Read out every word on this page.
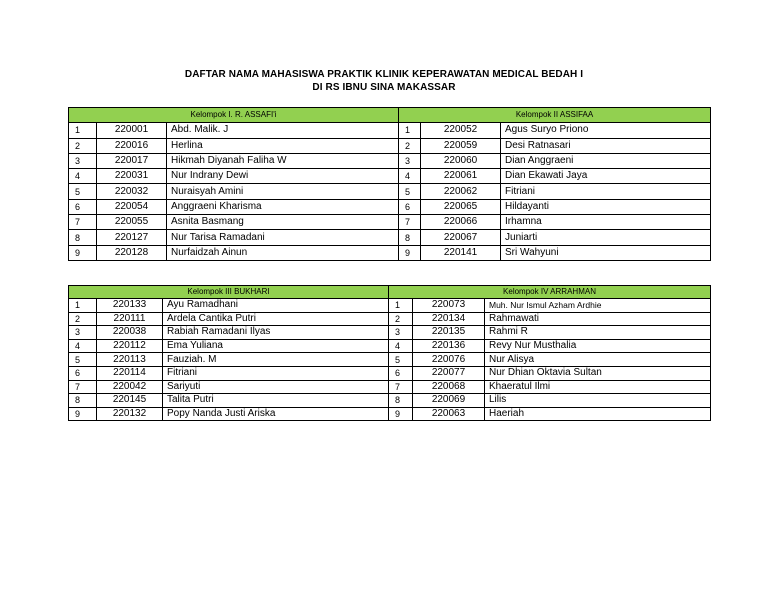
DAFTAR NAMA MAHASISWA PRAKTIK KLINIK KEPERAWATAN MEDICAL BEDAH I
DI RS IBNU SINA MAKASSAR
Kelompok I. R. ASSAFI'i			Kelompok II ASSIFAA		
1	220001	Abd. Malik. J	1	220052	Agus Suryo Priono
2	220016	Herlina	2	220059	Desi Ratnasari
3	220017	Hikmah Diyanah Faliha W	3	220060	Dian Anggraeni
4	220031	Nur Indrany Dewi	4	220061	Dian Ekawati Jaya
5	220032	Nuraisyah Amini	5	220062	Fitriani
6	220054	Anggraeni Kharisma	6	220065	Hildayanti
7	220055	Asnita Basmang	7	220066	Irhamna
8	220127	Nur Tarisa Ramadani	8	220067	Juniarti
9	220128	Nurfaidzah Ainun	9	220141	Sri Wahyuni
Kelompok III BUKHARI			Kelompok IV ARRAHMAN		
1	220133	Ayu Ramadhani	1	220073	Muh. Nur Ismul Azham Ardhie
2	220111	Ardela Cantika Putri	2	220134	Rahmawati
3	220038	Rabiah Ramadani Ilyas	3	220135	Rahmi R
4	220112	Ema Yuliana	4	220136	Revy Nur Musthalia
5	220113	Fauziah. M	5	220076	Nur Alisya
6	220114	Fitriani	6	220077	Nur Dhian Oktavia Sultan
7	220042	Sariyuti	7	220068	Khaeratul Ilmi
8	220145	Talita Putri	8	220069	Lilis
9	220132	Popy Nanda Justi Ariska	9	220063	Haeriah
